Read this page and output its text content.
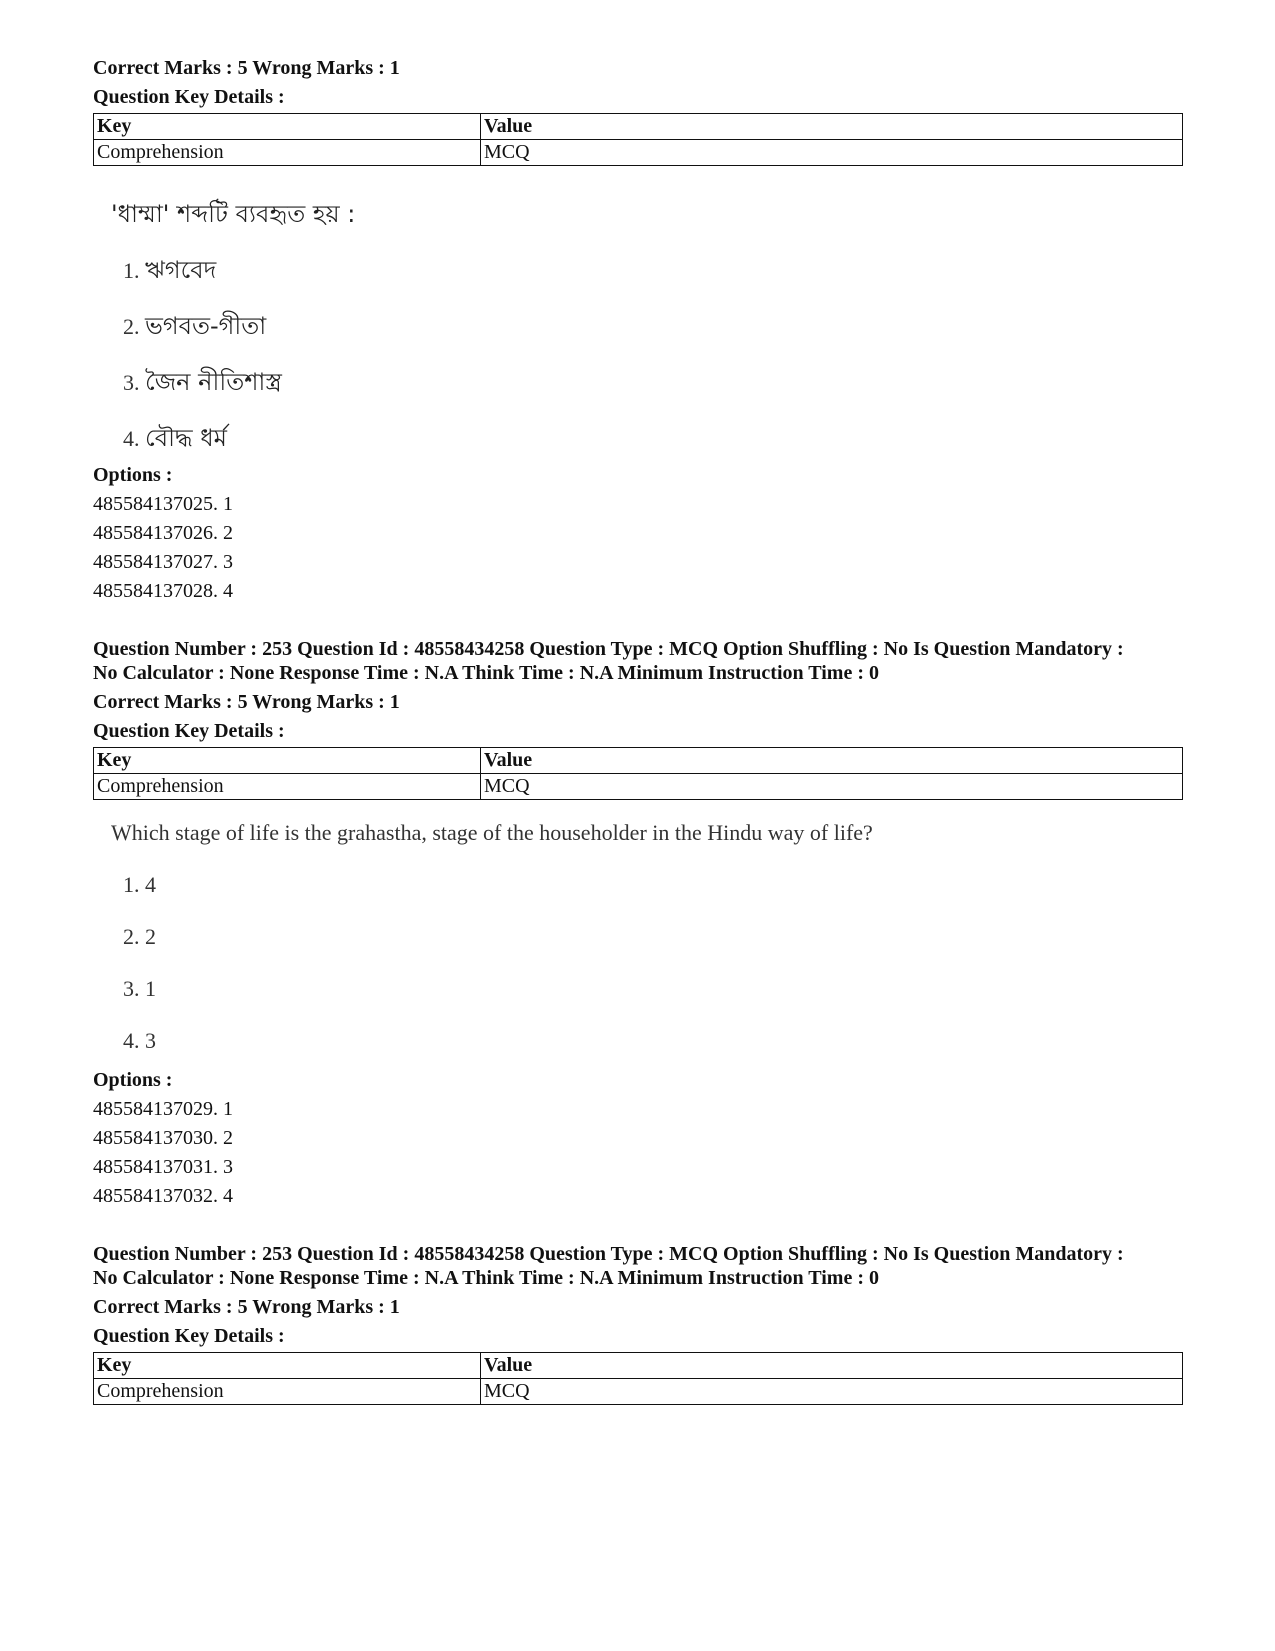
Correct Marks : 5 Wrong Marks : 1

Question Key Details :

Key	Value
Comprehension	MCQ
'ধাম্মা' শব্দটি ব্যবহৃত হয় :
1. ঋগবেদ
2. ভগবত-গীতা
3. জৈন নীতিশাস্ত্র
4. বৌদ্ধ ধর্ম

Options :

485584137025. 1

485584137026. 2

485584137027. 3

485584137028. 4

Question Number : 253 Question Id : 48558434258 Question Type : MCQ Option Shuffling : No Is Question Mandatory :

No Calculator : None Response Time : N.A Think Time : N.A Minimum Instruction Time : 0

Correct Marks : 5 Wrong Marks : 1

Question Key Details :

Key	Value
Comprehension	MCQ
Which stage of life is the grahastha, stage of the householder in the Hindu way of life?
1. 4
2. 2
3. 1
4. 3

Options :

485584137029. 1

485584137030. 2

485584137031. 3

485584137032. 4

Question Number : 253 Question Id : 48558434258 Question Type : MCQ Option Shuffling : No Is Question Mandatory :

No Calculator : None Response Time : N.A Think Time : N.A Minimum Instruction Time : 0

Correct Marks : 5 Wrong Marks : 1

Question Key Details :

Key	Value
Comprehension	MCQ
